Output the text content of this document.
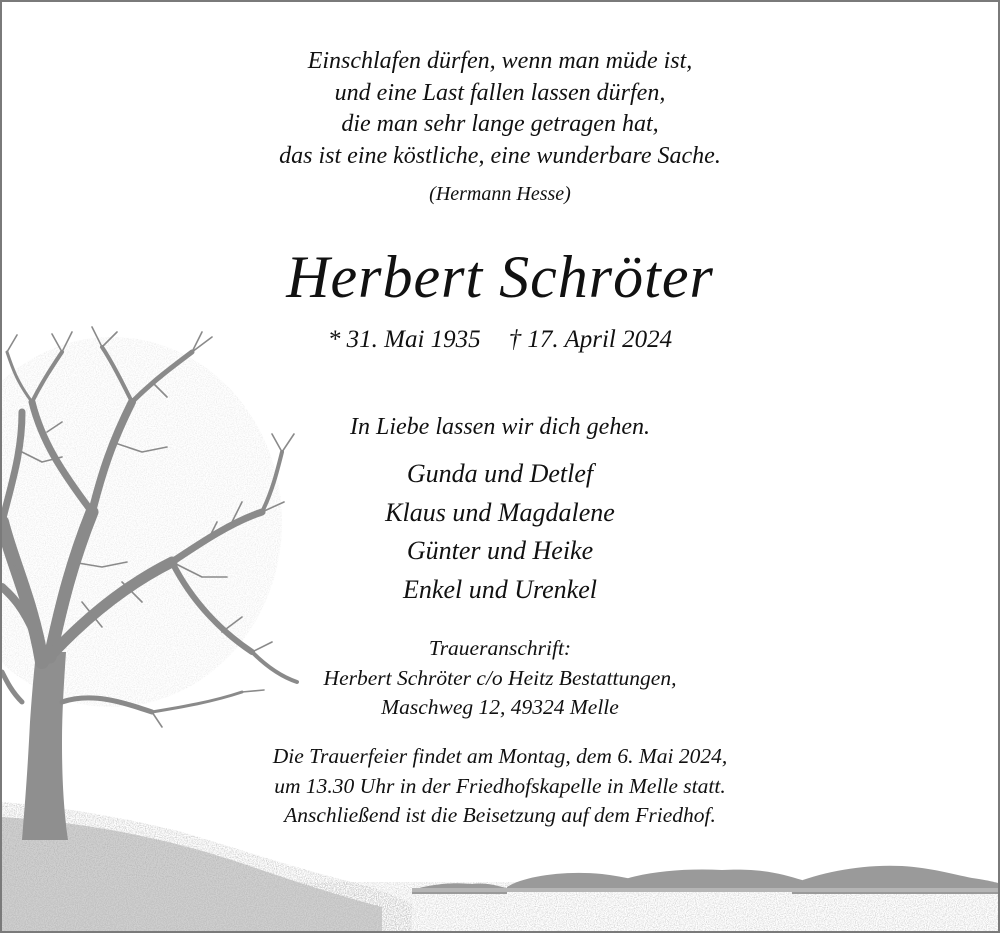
Einschlafen dürfen, wenn man müde ist,
und eine Last fallen lassen dürfen,
die man sehr lange getragen hat,
das ist eine köstliche, eine wunderbare Sache.
(Hermann Hesse)
Herbert Schröter
* 31. Mai 1935 † 17. April 2024
In Liebe lassen wir dich gehen.
Gunda und Detlef
Klaus und Magdalene
Günter und Heike
Enkel und Urenkel
Traueranschrift:
Herbert Schröter c/o Heitz Bestattungen,
Maschweg 12, 49324 Melle
Die Trauerfeier findet am Montag, dem 6. Mai 2024,
um 13.30 Uhr in der Friedhofskapelle in Melle statt.
Anschließend ist die Beisetzung auf dem Friedhof.
